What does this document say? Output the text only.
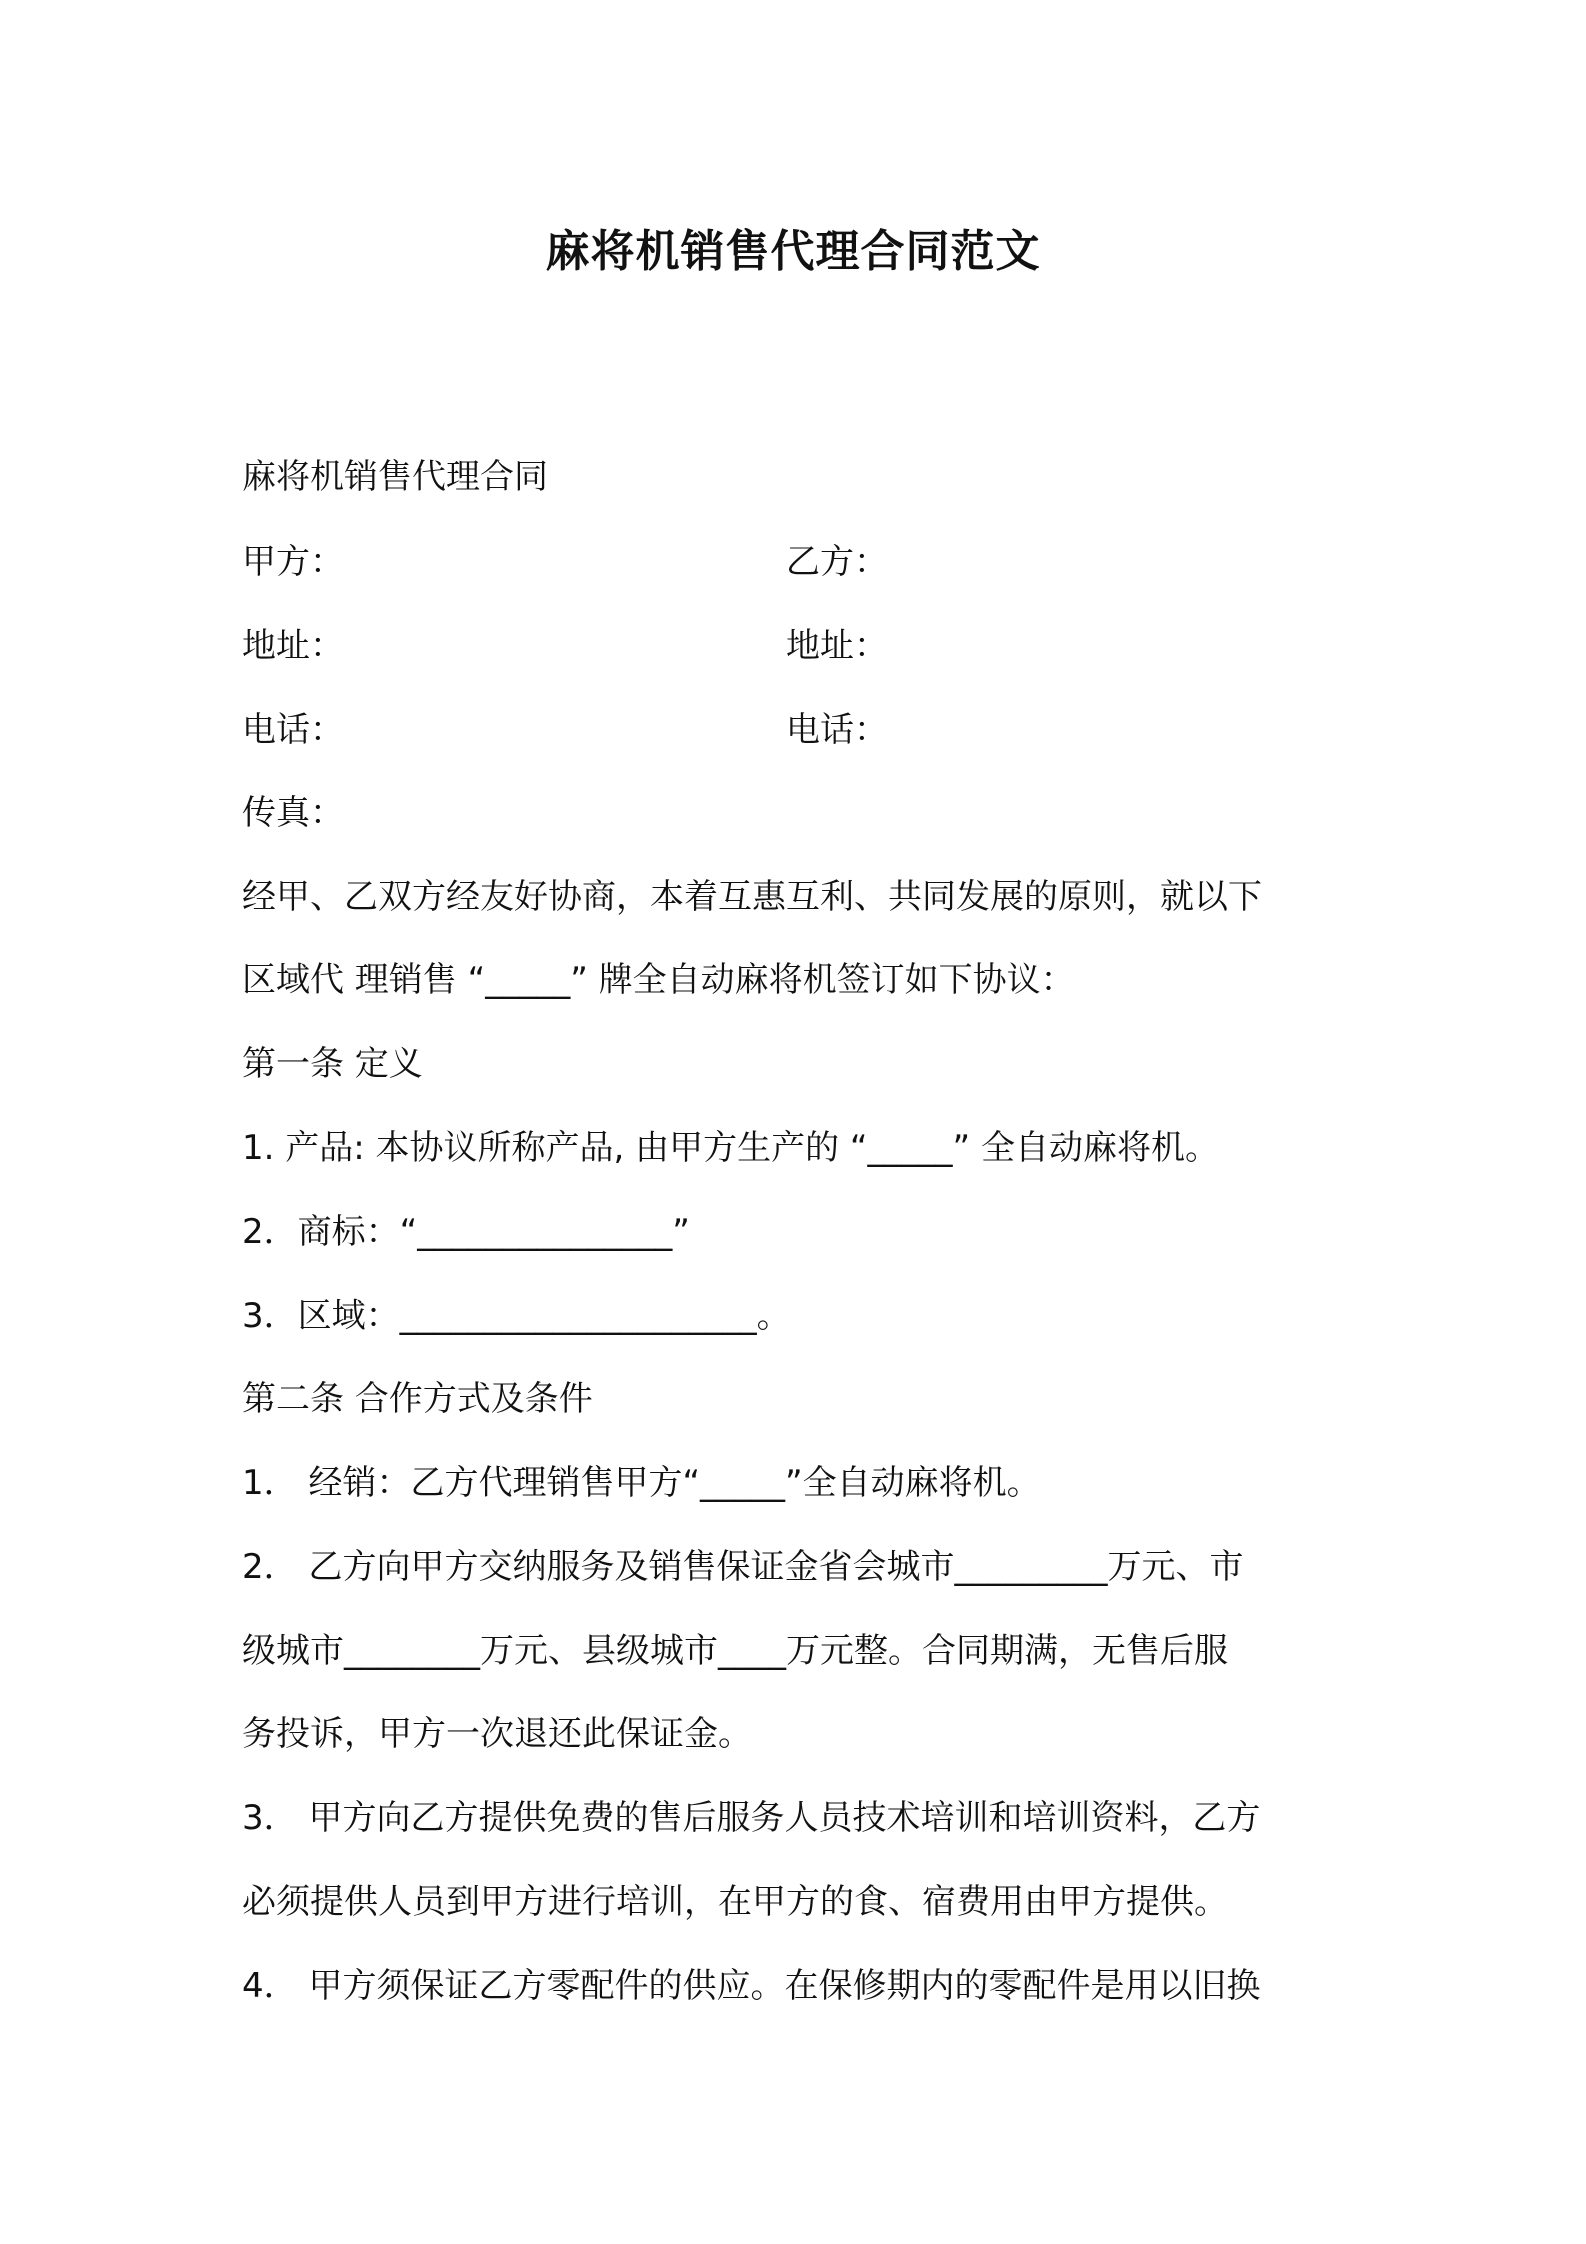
麻将机销售代理合同范文
麻将机销售代理合同
甲方：	乙方：
地址：	地址：
电话：	电话：
传真：
经甲、乙双方经友好协商，本着互惠互利、共同发展的原则，就以下
区域代 理销售 “_____” 牌全自动麻将机签订如下协议：
第一条 定义
1. 产品: 本协议所称产品, 由甲方生产的 “_____” 全自动麻将机。
2．商标：“_______________”
3．区域：_____________________。
第二条 合作方式及条件
1． 经销：乙方代理销售甲方“_____”全自动麻将机。
2． 乙方向甲方交纳服务及销售保证金省会城市_________万元、市
级城市________万元、县级城市____万元整。合同期满，无售后服
务投诉，甲方一次退还此保证金。
3． 甲方向乙方提供免费的售后服务人员技术培训和培训资料，乙方
必须提供人员到甲方进行培训，在甲方的食、宿费用由甲方提供。
4． 甲方须保证乙方零配件的供应。在保修期内的零配件是用以旧换
